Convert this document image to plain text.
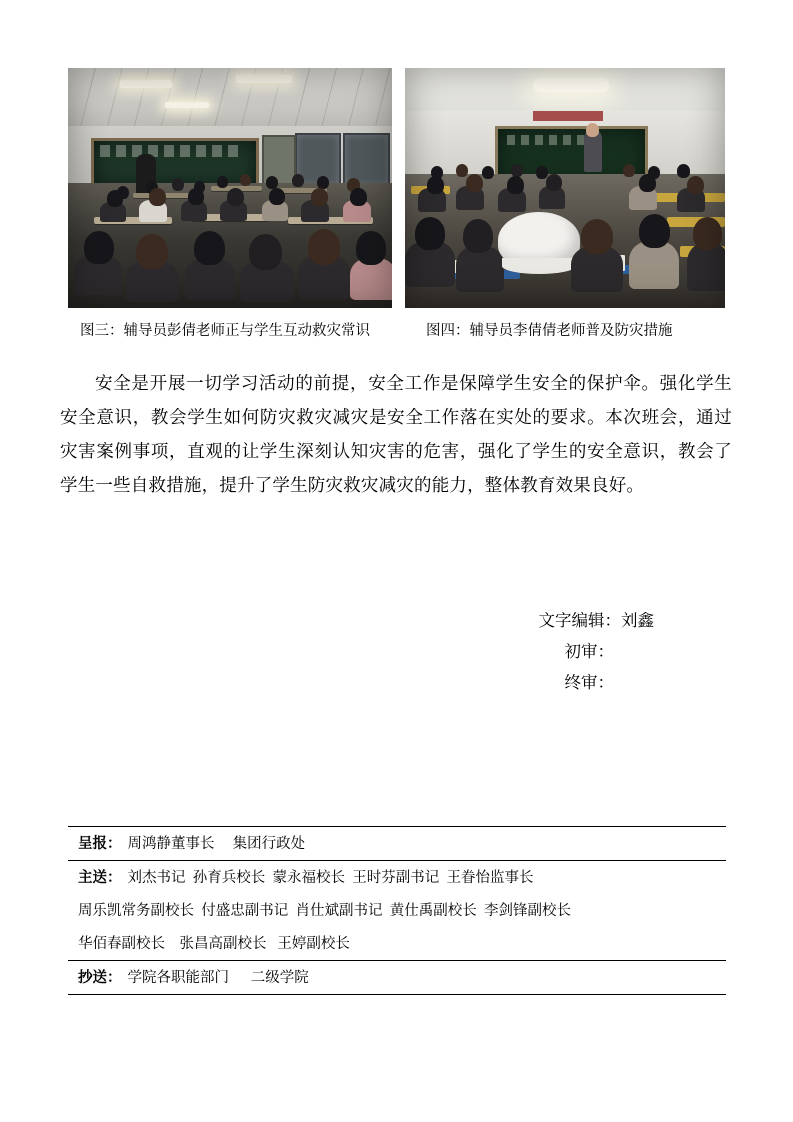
图三：辅导员彭倩老师正与学生互动救灾常识	图四：辅导员李倩倩老师普及防灾措施

安全是开展一切学习活动的前提，安全工作是保障学生安全的保护伞。强化学生安全意识，教会学生如何防灾救灾减灾是安全工作落在实处的要求。本次班会，通过灾害案例事项，直观的让学生深刻认知灾害的危害，强化了学生的安全意识，教会了学生一些自救措施，提升了学生防灾救灾减灾的能力，整体教育效果良好。

文字编辑：刘鑫
初审：
终审：
呈报： 周鸿静董事长     集团行政处
主送： 刘杰书记  孙育兵校长  蒙永福校长  王时芬副书记  王眷怡监事长
周乐凯常务副校长  付盛忠副书记  肖仕斌副书记  黄仕禹副校长  李剑锋副校长
华佰春副校长    张昌高副校长   王婷副校长
抄送： 学院各职能部门      二级学院
